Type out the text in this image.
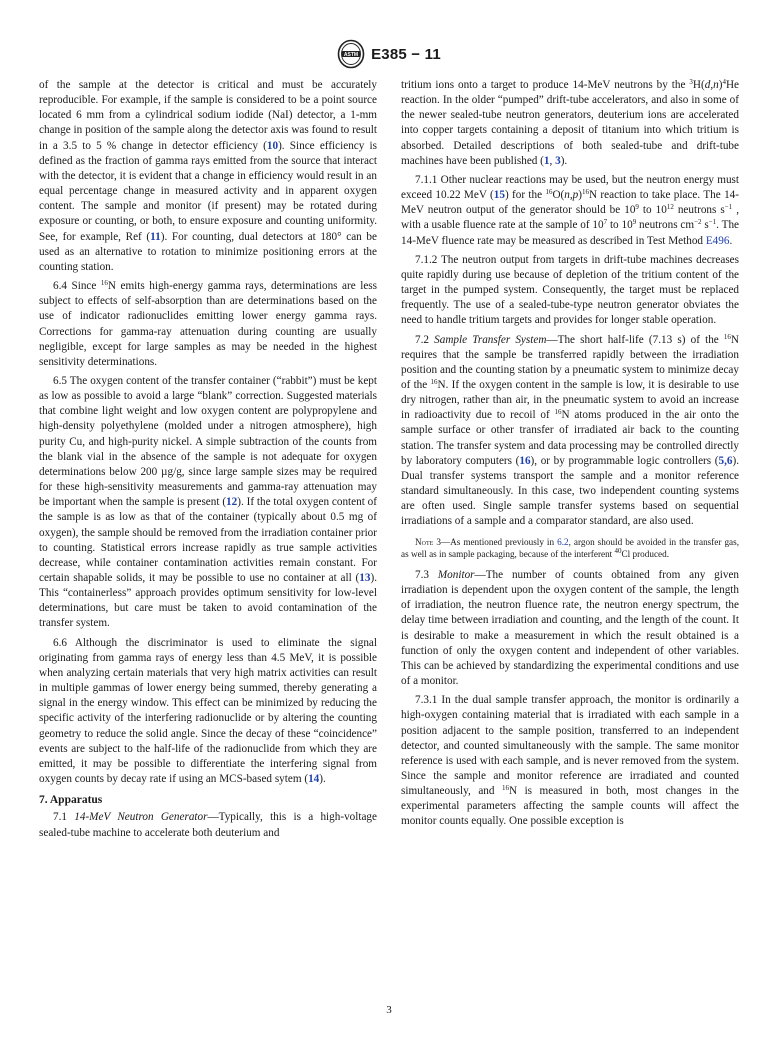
ASTM E385 − 11

of the sample at the detector is critical and must be accurately reproducible. For example, if the sample is considered to be a point source located 6 mm from a cylindrical sodium iodide (NaI) detector, a 1-mm change in position of the sample along the detector axis was found to result in a 3.5 to 5 % change in detector efficiency (10). Since efficiency is defined as the fraction of gamma rays emitted from the source that interact with the detector, it is evident that a change in efficiency would result in an equal percentage change in measured activity and in apparent oxygen content. The sample and monitor (if present) may be rotated during exposure or counting, or both, to ensure exposure and counting uniformity. See, for example, Ref (11). For counting, dual detectors at 180° can be used as an alternative to rotation to minimize positioning errors at the counting station.

6.4 Since $^{16}$N emits high-energy gamma rays, determinations are less subject to effects of self-absorption than are determinations based on the use of indicator radionuclides emitting lower energy gamma rays. Corrections for gamma-ray attenuation during counting are usually negligible, except for large samples as may be needed in the highest sensitivity determinations.

6.5 The oxygen content of the transfer container (“rabbit”) must be kept as low as possible to avoid a large “blank” correction. Suggested materials that combine light weight and low oxygen content are polypropylene and high-density polyethylene (molded under a nitrogen atmosphere), high purity Cu, and high-purity nickel. A simple subtraction of the counts from the blank vial in the absence of the sample is not adequate for oxygen determinations below 200 µg/g, since large sample sizes may be required for these high-sensitivity measurements and gamma-ray attenuation may be important when the sample is present (12). If the total oxygen content of the sample is as low as that of the container (typically about 0.5 mg of oxygen), the sample should be removed from the irradiation container prior to counting. Statistical errors increase rapidly as true sample activities decrease, while container contamination activities remain constant. For certain shapable solids, it may be possible to use no container at all (13). This “containerless” approach provides optimum sensitivity for low-level determinations, but care must be taken to avoid contamination of the transfer system.

6.6 Although the discriminator is used to eliminate the signal originating from gamma rays of energy less than 4.5 MeV, it is possible when analyzing certain materials that very high matrix activities can result in multiple gammas of lower energy being summed, thereby generating a signal in the energy window. This effect can be minimized by reducing the specific activity of the interfering radionuclide or by altering the counting geometry to reduce the solid angle. Since the decay of these “coincidence” events are subject to the half-life of the radionuclide from which they are emitted, it may be possible to differentiate the interfering signal from oxygen counts by decay rate if using an MCS-based sytem (14).

7. Apparatus

7.1 14-MeV Neutron Generator—Typically, this is a high-voltage sealed-tube machine to accelerate both deuterium and

tritium ions onto a target to produce 14-MeV neutrons by the $^3H(d,n)^4He$ reaction. In the older “pumped” drift-tube accelerators, and also in some of the newer sealed-tube neutron generators, deuterium ions are accelerated into copper targets containing a deposit of titanium into which tritium is absorbed. Detailed descriptions of both sealed-tube and drift-tube machines have been published (1, 3).

7.1.1 Other nuclear reactions may be used, but the neutron energy must exceed 10.22 MeV (15) for the $^{16}O(n,p)^{16}N$ reaction to take place. The 14-MeV neutron output of the generator should be $10^9$ to $10^{12}$ neutrons $s^{-1}$ , with a usable fluence rate at the sample of $10^7$ to $10^9$ neutrons $cm^{-2}$ $s^{-1}$. The 14-MeV fluence rate may be measured as described in Test Method E496.

7.1.2 The neutron output from targets in drift-tube machines decreases quite rapidly during use because of depletion of the tritium content of the target in the pumped system. Consequently, the target must be replaced frequently. The use of a sealed-tube-type neutron generator obviates the need to handle tritium targets and provides for longer stable operation.

7.2 Sample Transfer System—The short half-life (7.13 s) of the $^{16}$N requires that the sample be transferred rapidly between the irradiation position and the counting station by a pneumatic system to minimize decay of the $^{16}$N. If the oxygen content in the sample is low, it is desirable to use dry nitrogen, rather than air, in the pneumatic system to avoid an increase in radioactivity due to recoil of $^{16}$N atoms produced in the air onto the sample surface or other transfer of irradiated air back to the counting station. The transfer system and data processing may be controlled directly by laboratory computers (16), or by programmable logic controllers (5,6). Dual transfer systems transport the sample and a monitor reference standard simultaneously. In this case, two independent counting systems are often used. Single sample transfer systems based on sequential irradiations of a sample and a comparator standard, are also used.

Note 3—As mentioned previously in 6.2, argon should be avoided in the transfer gas, as well as in sample packaging, because of the interferent $^{40}$Cl produced.

7.3 Monitor—The number of counts obtained from any given irradiation is dependent upon the oxygen content of the sample, the length of irradiation, the neutron fluence rate, the neutron energy spectrum, the delay time between irradiation and counting, and the length of the count. It is desirable to make a measurement in which the result obtained is a function of only the oxygen content and independent of other variables. This can be achieved by standardizing the experimental conditions and use of a monitor.

7.3.1 In the dual sample transfer approach, the monitor is ordinarily a high-oxygen containing material that is irradiated with each sample in a position adjacent to the sample position, transferred to an independent detector, and counted simultaneously with the sample. The same monitor reference is used with each sample, and is never removed from the system. Since the sample and monitor reference are irradiated and counted simultaneously, and $^{16}$N is measured in both, most changes in the experimental parameters affecting the sample counts will affect the monitor counts equally. One possible exception is

3
